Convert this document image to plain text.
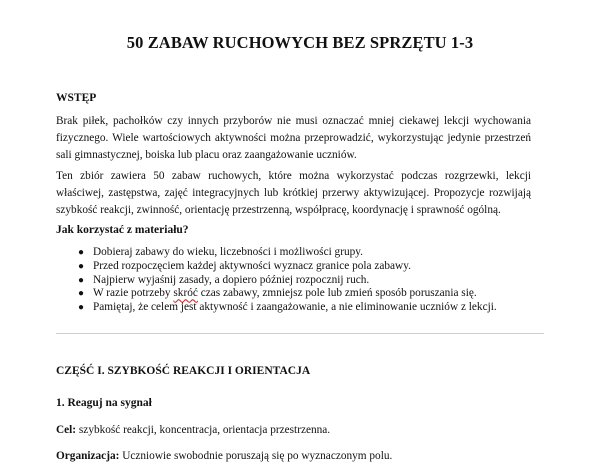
50 ZABAW RUCHOWYCH BEZ SPRZĘTU 1-3
WSTĘP

Brak piłek, pachołków czy innych przyborów nie musi oznaczać mniej ciekawej lekcji wychowania fizycznego. Wiele wartościowych aktywności można przeprowadzić, wykorzystując jedynie przestrzeń sali gimnastycznej, boiska lub placu oraz zaangażowanie uczniów.

Ten zbiór zawiera 50 zabaw ruchowych, które można wykorzystać podczas rozgrzewki, lekcji właściwej, zastępstwa, zajęć integracyjnych lub krótkiej przerwy aktywizującej. Propozycje rozwijają szybkość reakcji, zwinność, orientację przestrzenną, współpracę, koordynację i sprawność ogólną.

Jak korzystać z materiału?
● Dobieraj zabawy do wieku, liczebności i możliwości grupy.
● Przed rozpoczęciem każdej aktywności wyznacz granice pola zabawy.
● Najpierw wyjaśnij zasady, a dopiero później rozpocznij ruch.
● W razie potrzeby skróć czas zabawy, zmniejsz pole lub zmień sposób poruszania się.
● Pamiętaj, że celem jest aktywność i zaangażowanie, a nie eliminowanie uczniów z lekcji.
CZĘŚĆ I. SZYBKOŚĆ REAKCJI I ORIENTACJA
1. Reaguj na sygnał

Cel: szybkość reakcji, koncentracja, orientacja przestrzenna.

Organizacja: Uczniowie swobodnie poruszają się po wyznaczonym polu.
